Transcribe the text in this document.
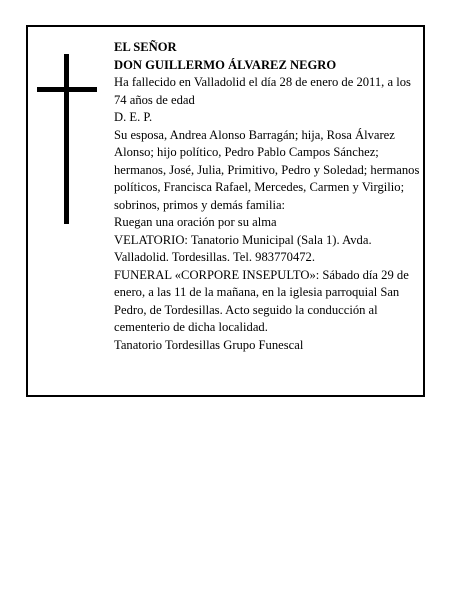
EL SEÑOR

DON GUILLERMO ÁLVAREZ NEGRO

Ha fallecido en Valladolid el día 28 de enero de 2011, a los 74 años de edad

D. E. P.

Su esposa, Andrea Alonso Barragán; hija, Rosa Álvarez Alonso; hijo político, Pedro Pablo Campos Sánchez; hermanos, José, Julia, Primitivo, Pedro y Soledad; hermanos políticos, Francisca Rafael, Mercedes, Carmen y Virgilio; sobrinos, primos y demás familia:

Ruegan una oración por su alma

VELATORIO: Tanatorio Municipal (Sala 1). Avda. Valladolid. Tordesillas. Tel. 983770472.

FUNERAL «CORPORE INSEPULTO»: Sábado día 29 de enero, a las 11 de la mañana, en la iglesia parroquial San Pedro, de Tordesillas. Acto seguido la conducción al cementerio de dicha localidad.

Tanatorio Tordesillas Grupo Funescal
